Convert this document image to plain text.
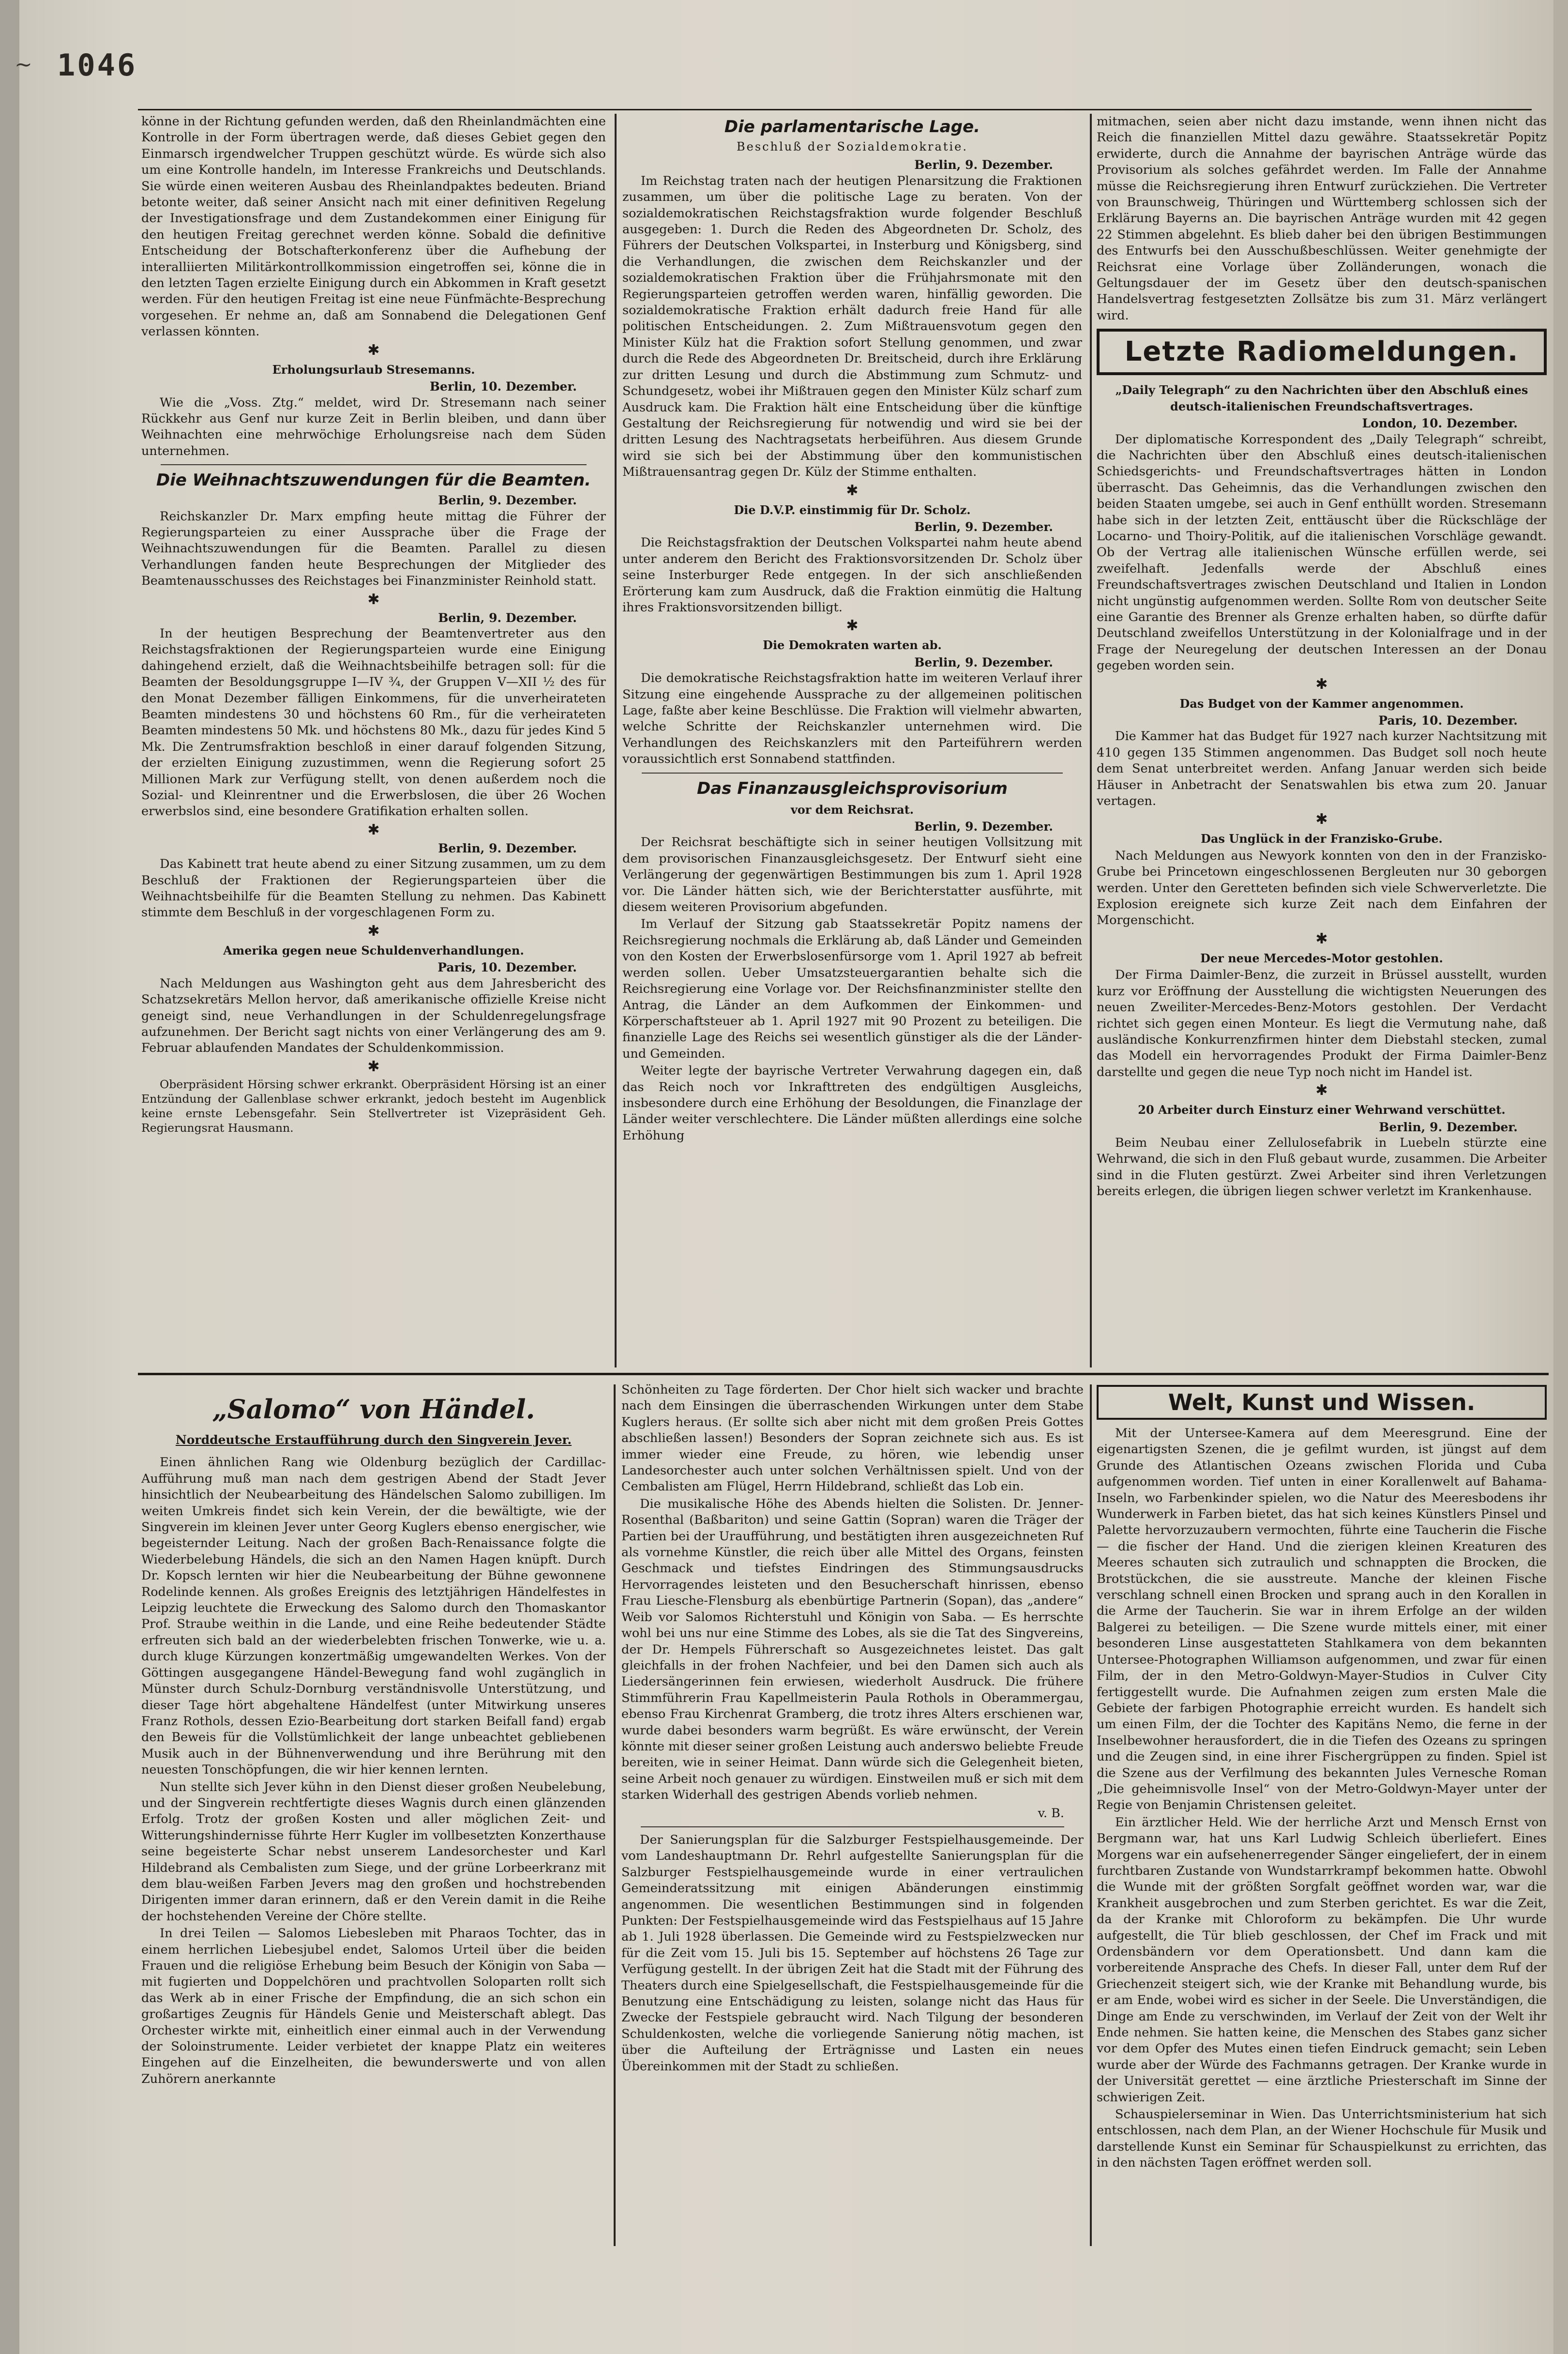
~ 1046

könne in der Richtung gefunden werden, daß den Rheinlandmächten eine Kontrolle in der Form übertragen werde, daß dieses Gebiet gegen den Einmarsch irgendwelcher Truppen geschützt würde. Es würde sich also um eine Kontrolle handeln, im Interesse Frankreichs und Deutschlands. Sie würde einen weiteren Ausbau des Rheinlandpaktes bedeuten. Briand betonte weiter, daß seiner Ansicht nach mit einer definitiven Regelung der Investigationsfrage und dem Zustandekommen einer Einigung für den heutigen Freitag gerechnet werden könne. Sobald die definitive Entscheidung der Botschafterkonferenz über die Aufhebung der interalliierten Militärkontrollkommission eingetroffen sei, könne die in den letzten Tagen erzielte Einigung durch ein Abkommen in Kraft gesetzt werden. Für den heutigen Freitag ist eine neue Fünfmächte-Besprechung vorgesehen. Er nehme an, daß am Sonnabend die Delegationen Genf verlassen könnten.

✱
Erholungsurlaub Stresemanns.
Berlin, 10. Dezember.

Wie die „Voss. Ztg.“ meldet, wird Dr. Stresemann nach seiner Rückkehr aus Genf nur kurze Zeit in Berlin bleiben, und dann über Weihnachten eine mehrwöchige Erholungsreise nach dem Süden unternehmen.

Die Weihnachtszuwendungen für die Beamten.
Berlin, 9. Dezember.

Reichskanzler Dr. Marx empfing heute mittag die Führer der Regierungsparteien zu einer Aussprache über die Frage der Weihnachtszuwendungen für die Beamten. Parallel zu diesen Verhandlungen fanden heute Besprechungen der Mitglieder des Beamtenausschusses des Reichstages bei Finanzminister Reinhold statt.

✱
Berlin, 9. Dezember.

In der heutigen Besprechung der Beamtenvertreter aus den Reichstagsfraktionen der Regierungsparteien wurde eine Einigung dahingehend erzielt, daß die Weihnachtsbeihilfe betragen soll: für die Beamten der Besoldungsgruppe I—IV ¾, der Gruppen V—XII ½ des für den Monat Dezember fälligen Einkommens, für die unverheirateten Beamten mindestens 30 und höchstens 60 Rm., für die verheirateten Beamten mindestens 50 Mk. und höchstens 80 Mk., dazu für jedes Kind 5 Mk. Die Zentrumsfraktion beschloß in einer darauf folgenden Sitzung, der erzielten Einigung zuzustimmen, wenn die Regierung sofort 25 Millionen Mark zur Verfügung stellt, von denen außerdem noch die Sozial- und Kleinrentner und die Erwerbslosen, die über 26 Wochen erwerbslos sind, eine besondere Gratifikation erhalten sollen.

✱
Berlin, 9. Dezember.

Das Kabinett trat heute abend zu einer Sitzung zusammen, um zu dem Beschluß der Fraktionen der Regierungsparteien über die Weihnachtsbeihilfe für die Beamten Stellung zu nehmen. Das Kabinett stimmte dem Beschluß in der vorgeschlagenen Form zu.

✱
Amerika gegen neue Schuldenverhandlungen.
Paris, 10. Dezember.

Nach Meldungen aus Washington geht aus dem Jahresbericht des Schatzsekretärs Mellon hervor, daß amerikanische offizielle Kreise nicht geneigt sind, neue Verhandlungen in der Schuldenregelungsfrage aufzunehmen. Der Bericht sagt nichts von einer Verlängerung des am 9. Februar ablaufenden Mandates der Schuldenkommission.

✱

Oberpräsident Hörsing schwer erkrankt. Oberpräsident Hörsing ist an einer Entzündung der Gallenblase schwer erkrankt, jedoch besteht im Augenblick keine ernste Lebensgefahr. Sein Stellvertreter ist Vizepräsident Geh. Regierungsrat Hausmann.

Die parlamentarische Lage.
Beschluß der Sozialdemokratie.
Berlin, 9. Dezember.

Im Reichstag traten nach der heutigen Plenarsitzung die Fraktionen zusammen, um über die politische Lage zu beraten. Von der sozialdemokratischen Reichstagsfraktion wurde folgender Beschluß ausgegeben: 1. Durch die Reden des Abgeordneten Dr. Scholz, des Führers der Deutschen Volkspartei, in Insterburg und Königsberg, sind die Verhandlungen, die zwischen dem Reichskanzler und der sozialdemokratischen Fraktion über die Frühjahrsmonate mit den Regierungsparteien getroffen werden waren, hinfällig geworden. Die sozialdemokratische Fraktion erhält dadurch freie Hand für alle politischen Entscheidungen. 2. Zum Mißtrauensvotum gegen den Minister Külz hat die Fraktion sofort Stellung genommen, und zwar durch die Rede des Abgeordneten Dr. Breitscheid, durch ihre Erklärung zur dritten Lesung und durch die Abstimmung zum Schmutz- und Schundgesetz, wobei ihr Mißtrauen gegen den Minister Külz scharf zum Ausdruck kam. Die Fraktion hält eine Entscheidung über die künftige Gestaltung der Reichsregierung für notwendig und wird sie bei der dritten Lesung des Nachtragsetats herbeiführen. Aus diesem Grunde wird sie sich bei der Abstimmung über den kommunistischen Mißtrauensantrag gegen Dr. Külz der Stimme enthalten.

✱
Die D.V.P. einstimmig für Dr. Scholz.
Berlin, 9. Dezember.

Die Reichstagsfraktion der Deutschen Volkspartei nahm heute abend unter anderem den Bericht des Fraktionsvorsitzenden Dr. Scholz über seine Insterburger Rede entgegen. In der sich anschließenden Erörterung kam zum Ausdruck, daß die Fraktion einmütig die Haltung ihres Fraktionsvorsitzenden billigt.

✱
Die Demokraten warten ab.
Berlin, 9. Dezember.

Die demokratische Reichstagsfraktion hatte im weiteren Verlauf ihrer Sitzung eine eingehende Aussprache zu der allgemeinen politischen Lage, faßte aber keine Beschlüsse. Die Fraktion will vielmehr abwarten, welche Schritte der Reichskanzler unternehmen wird. Die Verhandlungen des Reichskanzlers mit den Parteiführern werden voraussichtlich erst Sonnabend stattfinden.

Das Finanzausgleichsprovisorium
vor dem Reichsrat.
Berlin, 9. Dezember.

Der Reichsrat beschäftigte sich in seiner heutigen Vollsitzung mit dem provisorischen Finanzausgleichsgesetz. Der Entwurf sieht eine Verlängerung der gegenwärtigen Bestimmungen bis zum 1. April 1928 vor. Die Länder hätten sich, wie der Berichterstatter ausführte, mit diesem weiteren Provisorium abgefunden.

Im Verlauf der Sitzung gab Staatssekretär Popitz namens der Reichsregierung nochmals die Erklärung ab, daß Länder und Gemeinden von den Kosten der Erwerbslosenfürsorge vom 1. April 1927 ab befreit werden sollen. Ueber Umsatzsteuergarantien behalte sich die Reichsregierung eine Vorlage vor. Der Reichsfinanzminister stellte den Antrag, die Länder an dem Aufkommen der Einkommen- und Körperschaftsteuer ab 1. April 1927 mit 90 Prozent zu beteiligen. Die finanzielle Lage des Reichs sei wesentlich günstiger als die der Länder- und Gemeinden.

Weiter legte der bayrische Vertreter Verwahrung dagegen ein, daß das Reich noch vor Inkrafttreten des endgültigen Ausgleichs, insbesondere durch eine Erhöhung der Besoldungen, die Finanzlage der Länder weiter verschlechtere. Die Länder müßten allerdings eine solche Erhöhung

mitmachen, seien aber nicht dazu imstande, wenn ihnen nicht das Reich die finanziellen Mittel dazu gewähre. Staatssekretär Popitz erwiderte, durch die Annahme der bayrischen Anträge würde das Provisorium als solches gefährdet werden. Im Falle der Annahme müsse die Reichsregierung ihren Entwurf zurückziehen. Die Vertreter von Braunschweig, Thüringen und Württemberg schlossen sich der Erklärung Bayerns an. Die bayrischen Anträge wurden mit 42 gegen 22 Stimmen abgelehnt. Es blieb daher bei den übrigen Bestimmungen des Entwurfs bei den Ausschußbeschlüssen. Weiter genehmigte der Reichsrat eine Vorlage über Zolländerungen, wonach die Geltungsdauer der im Gesetz über den deutsch-spanischen Handelsvertrag festgesetzten Zollsätze bis zum 31. März verlängert wird.

Letzte Radiomeldungen.
„Daily Telegraph“ zu den Nachrichten über den Abschluß eines deutsch-italienischen Freundschaftsvertrages.
London, 10. Dezember.

Der diplomatische Korrespondent des „Daily Telegraph“ schreibt, die Nachrichten über den Abschluß eines deutsch-italienischen Schiedsgerichts- und Freundschaftsvertrages hätten in London überrascht. Das Geheimnis, das die Verhandlungen zwischen den beiden Staaten umgebe, sei auch in Genf enthüllt worden. Stresemann habe sich in der letzten Zeit, enttäuscht über die Rückschläge der Locarno- und Thoiry-Politik, auf die italienischen Vorschläge gewandt. Ob der Vertrag alle italienischen Wünsche erfüllen werde, sei zweifelhaft. Jedenfalls werde der Abschluß eines Freundschaftsvertrages zwischen Deutschland und Italien in London nicht ungünstig aufgenommen werden. Sollte Rom von deutscher Seite eine Garantie des Brenner als Grenze erhalten haben, so dürfte dafür Deutschland zweifellos Unterstützung in der Kolonialfrage und in der Frage der Neuregelung der deutschen Interessen an der Donau gegeben worden sein.

✱
Das Budget von der Kammer angenommen.
Paris, 10. Dezember.

Die Kammer hat das Budget für 1927 nach kurzer Nachtsitzung mit 410 gegen 135 Stimmen angenommen. Das Budget soll noch heute dem Senat unterbreitet werden. Anfang Januar werden sich beide Häuser in Anbetracht der Senatswahlen bis etwa zum 20. Januar vertagen.

✱
Das Unglück in der Franzisko-Grube.

Nach Meldungen aus Newyork konnten von den in der Franzisko-Grube bei Princetown eingeschlossenen Bergleuten nur 30 geborgen werden. Unter den Geretteten befinden sich viele Schwerverletzte. Die Explosion ereignete sich kurze Zeit nach dem Einfahren der Morgenschicht.

✱
Der neue Mercedes-Motor gestohlen.

Der Firma Daimler-Benz, die zurzeit in Brüssel ausstellt, wurden kurz vor Eröffnung der Ausstellung die wichtigsten Neuerungen des neuen Zweiliter-Mercedes-Benz-Motors gestohlen. Der Verdacht richtet sich gegen einen Monteur. Es liegt die Vermutung nahe, daß ausländische Konkurrenzfirmen hinter dem Diebstahl stecken, zumal das Modell ein hervorragendes Produkt der Firma Daimler-Benz darstellte und gegen die neue Typ noch nicht im Handel ist.

✱
20 Arbeiter durch Einsturz einer Wehrwand verschüttet.
Berlin, 9. Dezember.

Beim Neubau einer Zellulosefabrik in Luebeln stürzte eine Wehrwand, die sich in den Fluß gebaut wurde, zusammen. Die Arbeiter sind in die Fluten gestürzt. Zwei Arbeiter sind ihren Verletzungen bereits erlegen, die übrigen liegen schwer verletzt im Krankenhause.

„Salomo“ von Händel.
Norddeutsche Erstaufführung durch den Singverein Jever.

Einen ähnlichen Rang wie Oldenburg bezüglich der Cardillac-Aufführung muß man nach dem gestrigen Abend der Stadt Jever hinsichtlich der Neubearbeitung des Händelschen Salomo zubilligen. Im weiten Umkreis findet sich kein Verein, der die bewältigte, wie der Singverein im kleinen Jever unter Georg Kuglers ebenso energischer, wie begeisternder Leitung. Nach der großen Bach-Renaissance folgte die Wiederbelebung Händels, die sich an den Namen Hagen knüpft. Durch Dr. Kopsch lernten wir hier die Neubearbeitung der Bühne gewonnene Rodelinde kennen. Als großes Ereignis des letztjährigen Händelfestes in Leipzig leuchtete die Erweckung des Salomo durch den Thomaskantor Prof. Straube weithin in die Lande, und eine Reihe bedeutender Städte erfreuten sich bald an der wiederbelebten frischen Tonwerke, wie u. a. durch kluge Kürzungen konzertmäßig umgewandelten Werkes. Von der Göttingen ausgegangene Händel-Bewegung fand wohl zugänglich in Münster durch Schulz-Dornburg verständnisvolle Unterstützung, und dieser Tage hört abgehaltene Händelfest (unter Mitwirkung unseres Franz Rothols, dessen Ezio-Bearbeitung dort starken Beifall fand) ergab den Beweis für die Vollstümlichkeit der lange unbeachtet gebliebenen Musik auch in der Bühnenverwendung und ihre Berührung mit den neuesten Tonschöpfungen, die wir hier kennen lernten.

Nun stellte sich Jever kühn in den Dienst dieser großen Neubelebung, und der Singverein rechtfertigte dieses Wagnis durch einen glänzenden Erfolg. Trotz der großen Kosten und aller möglichen Zeit- und Witterungshindernisse führte Herr Kugler im vollbesetzten Konzerthause seine begeisterte Schar nebst unserem Landesorchester und Karl Hildebrand als Cembalisten zum Siege, und der grüne Lorbeerkranz mit dem blau-weißen Farben Jevers mag den großen und hochstrebenden Dirigenten immer daran erinnern, daß er den Verein damit in die Reihe der hochstehenden Vereine der Chöre stellte.

In drei Teilen — Salomos Liebesleben mit Pharaos Tochter, das in einem herrlichen Liebesjubel endet, Salomos Urteil über die beiden Frauen und die religiöse Erhebung beim Besuch der Königin von Saba — mit fugierten und Doppelchören und prachtvollen Soloparten rollt sich das Werk ab in einer Frische der Empfindung, die an sich schon ein großartiges Zeugnis für Händels Genie und Meisterschaft ablegt. Das Orchester wirkte mit, einheitlich einer einmal auch in der Verwendung der Soloinstrumente. Leider verbietet der knappe Platz ein weiteres Eingehen auf die Einzelheiten, die bewunderswerte und von allen Zuhörern anerkannte

Schönheiten zu Tage förderten. Der Chor hielt sich wacker und brachte nach dem Einsingen die überraschenden Wirkungen unter dem Stabe Kuglers heraus. (Er sollte sich aber nicht mit dem großen Preis Gottes abschließen lassen!) Besonders der Sopran zeichnete sich aus. Es ist immer wieder eine Freude, zu hören, wie lebendig unser Landesorchester auch unter solchen Verhältnissen spielt. Und von der Cembalisten am Flügel, Herrn Hildebrand, schließt das Lob ein.

Die musikalische Höhe des Abends hielten die Solisten. Dr. Jenner-Rosenthal (Baßbariton) und seine Gattin (Sopran) waren die Träger der Partien bei der Uraufführung, und bestätigten ihren ausgezeichneten Ruf als vornehme Künstler, die reich über alle Mittel des Organs, feinsten Geschmack und tiefstes Eindringen des Stimmungsausdrucks Hervorragendes leisteten und den Besucherschaft hinrissen, ebenso Frau Liesche-Flensburg als ebenbürtige Partnerin (Sopan), das „andere“ Weib vor Salomos Richterstuhl und Königin von Saba. — Es herrschte wohl bei uns nur eine Stimme des Lobes, als sie die Tat des Singvereins, der Dr. Hempels Führerschaft so Ausgezeichnetes leistet. Das galt gleichfalls in der frohen Nachfeier, und bei den Damen sich auch als Liedersängerinnen fein erwiesen, wiederholt Ausdruck. Die frühere Stimmführerin Frau Kapellmeisterin Paula Rothols in Oberammergau, ebenso Frau Kirchenrat Gramberg, die trotz ihres Alters erschienen war, wurde dabei besonders warm begrüßt. Es wäre erwünscht, der Verein könnte mit dieser seiner großen Leistung auch anderswo beliebte Freude bereiten, wie in seiner Heimat. Dann würde sich die Gelegenheit bieten, seine Arbeit noch genauer zu würdigen. Einstweilen muß er sich mit dem starken Widerhall des gestrigen Abends vorlieb nehmen.

v. B.

Der Sanierungsplan für die Salzburger Festspielhausgemeinde. Der vom Landeshauptmann Dr. Rehrl aufgestellte Sanierungsplan für die Salzburger Festspielhausgemeinde wurde in einer vertraulichen Gemeinderatssitzung mit einigen Abänderungen einstimmig angenommen. Die wesentlichen Bestimmungen sind in folgenden Punkten: Der Festspielhausgemeinde wird das Festspielhaus auf 15 Jahre ab 1. Juli 1928 überlassen. Die Gemeinde wird zu Festspielzwecken nur für die Zeit vom 15. Juli bis 15. September auf höchstens 26 Tage zur Verfügung gestellt. In der übrigen Zeit hat die Stadt mit der Führung des Theaters durch eine Spielgesellschaft, die Festspielhausgemeinde für die Benutzung eine Entschädigung zu leisten, solange nicht das Haus für Zwecke der Festspiele gebraucht wird. Nach Tilgung der besonderen Schuldenkosten, welche die vorliegende Sanierung nötig machen, ist über die Aufteilung der Erträgnisse und Lasten ein neues Übereinkommen mit der Stadt zu schließen.

Welt, Kunst und Wissen.

Mit der Untersee-Kamera auf dem Meeresgrund. Eine der eigenartigsten Szenen, die je gefilmt wurden, ist jüngst auf dem Grunde des Atlantischen Ozeans zwischen Florida und Cuba aufgenommen worden. Tief unten in einer Korallenwelt auf Bahama-Inseln, wo Farbenkinder spielen, wo die Natur des Meeresbodens ihr Wunderwerk in Farben bietet, das hat sich keines Künstlers Pinsel und Palette hervorzuzaubern vermochten, führte eine Taucherin die Fische — die fischer der Hand. Und die zierigen kleinen Kreaturen des Meeres schauten sich zutraulich und schnappten die Brocken, die Brotstückchen, die sie ausstreute. Manche der kleinen Fische verschlang schnell einen Brocken und sprang auch in den Korallen in die Arme der Taucherin. Sie war in ihrem Erfolge an der wilden Balgerei zu beteiligen. — Die Szene wurde mittels einer, mit einer besonderen Linse ausgestatteten Stahlkamera von dem bekannten Untersee-Photographen Williamson aufgenommen, und zwar für einen Film, der in den Metro-Goldwyn-Mayer-Studios in Culver City fertiggestellt wurde. Die Aufnahmen zeigen zum ersten Male die Gebiete der farbigen Photographie erreicht wurden. Es handelt sich um einen Film, der die Tochter des Kapitäns Nemo, die ferne in der Inselbewohner herausfordert, die in die Tiefen des Ozeans zu springen und die Zeugen sind, in eine ihrer Fischergrüppen zu finden. Spiel ist die Szene aus der Verfilmung des bekannten Jules Vernesche Roman „Die geheimnisvolle Insel“ von der Metro-Goldwyn-Mayer unter der Regie von Benjamin Christensen geleitet.

Ein ärztlicher Held. Wie der herrliche Arzt und Mensch Ernst von Bergmann war, hat uns Karl Ludwig Schleich überliefert. Eines Morgens war ein aufsehenerregender Sänger eingeliefert, der in einem furchtbaren Zustande von Wundstarrkrampf bekommen hatte. Obwohl die Wunde mit der größten Sorgfalt geöffnet worden war, war die Krankheit ausgebrochen und zum Sterben gerichtet. Es war die Zeit, da der Kranke mit Chloroform zu bekämpfen. Die Uhr wurde aufgestellt, die Tür blieb geschlossen, der Chef im Frack und mit Ordensbändern vor dem Operationsbett. Und dann kam die vorbereitende Ansprache des Chefs. In dieser Fall, unter dem Ruf der Griechenzeit steigert sich, wie der Kranke mit Behandlung wurde, bis er am Ende, wobei wird es sicher in der Seele. Die Unverständigen, die Dinge am Ende zu verschwinden, im Verlauf der Zeit von der Welt ihr Ende nehmen. Sie hatten keine, die Menschen des Stabes ganz sicher vor dem Opfer des Mutes einen tiefen Eindruck gemacht; sein Leben wurde aber der Würde des Fachmanns getragen. Der Kranke wurde in der Universität gerettet — eine ärztliche Priesterschaft im Sinne der schwierigen Zeit.

Schauspielerseminar in Wien. Das Unterrichtsministerium hat sich entschlossen, nach dem Plan, an der Wiener Hochschule für Musik und darstellende Kunst ein Seminar für Schauspielkunst zu errichten, das in den nächsten Tagen eröffnet werden soll.
